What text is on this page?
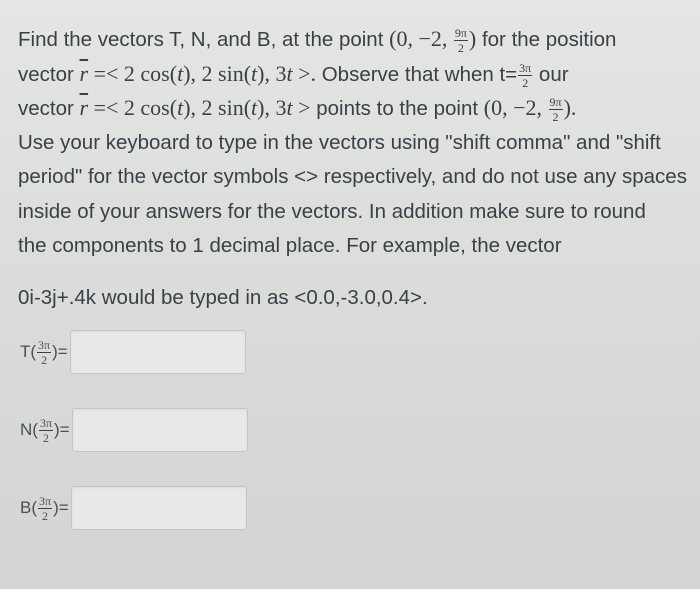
Find the vectors T, N, and B, at the point (0, −2, $\frac{9\pi}{2}$ ) for the position
vector $\overline{r} =< 2$ cos(t), 2 sin(t), 3t >. Observe that when $t= \frac{3\pi}{2}$ our
vector $\overline{r} =< 2$ cos(t), 2 sin(t), 3t > points to the point (0, −2, $\frac{9\pi}{2}$ ).
Use your keyboard to type in the vectors using "shift comma" and "shift
period" for the vector symbols <> respectively, and do not use any spaces
inside of your answers for the vectors. In addition make sure to round
the components to 1 decimal place. For example, the vector
0i-3j+.4k would be typed in as <0.0,-3.0,0.4>.
$T( \frac{3\pi}{2}$ )=
$N( \frac{3\pi}{2}$ )=
$B( \frac{3\pi}{2}$ )=
